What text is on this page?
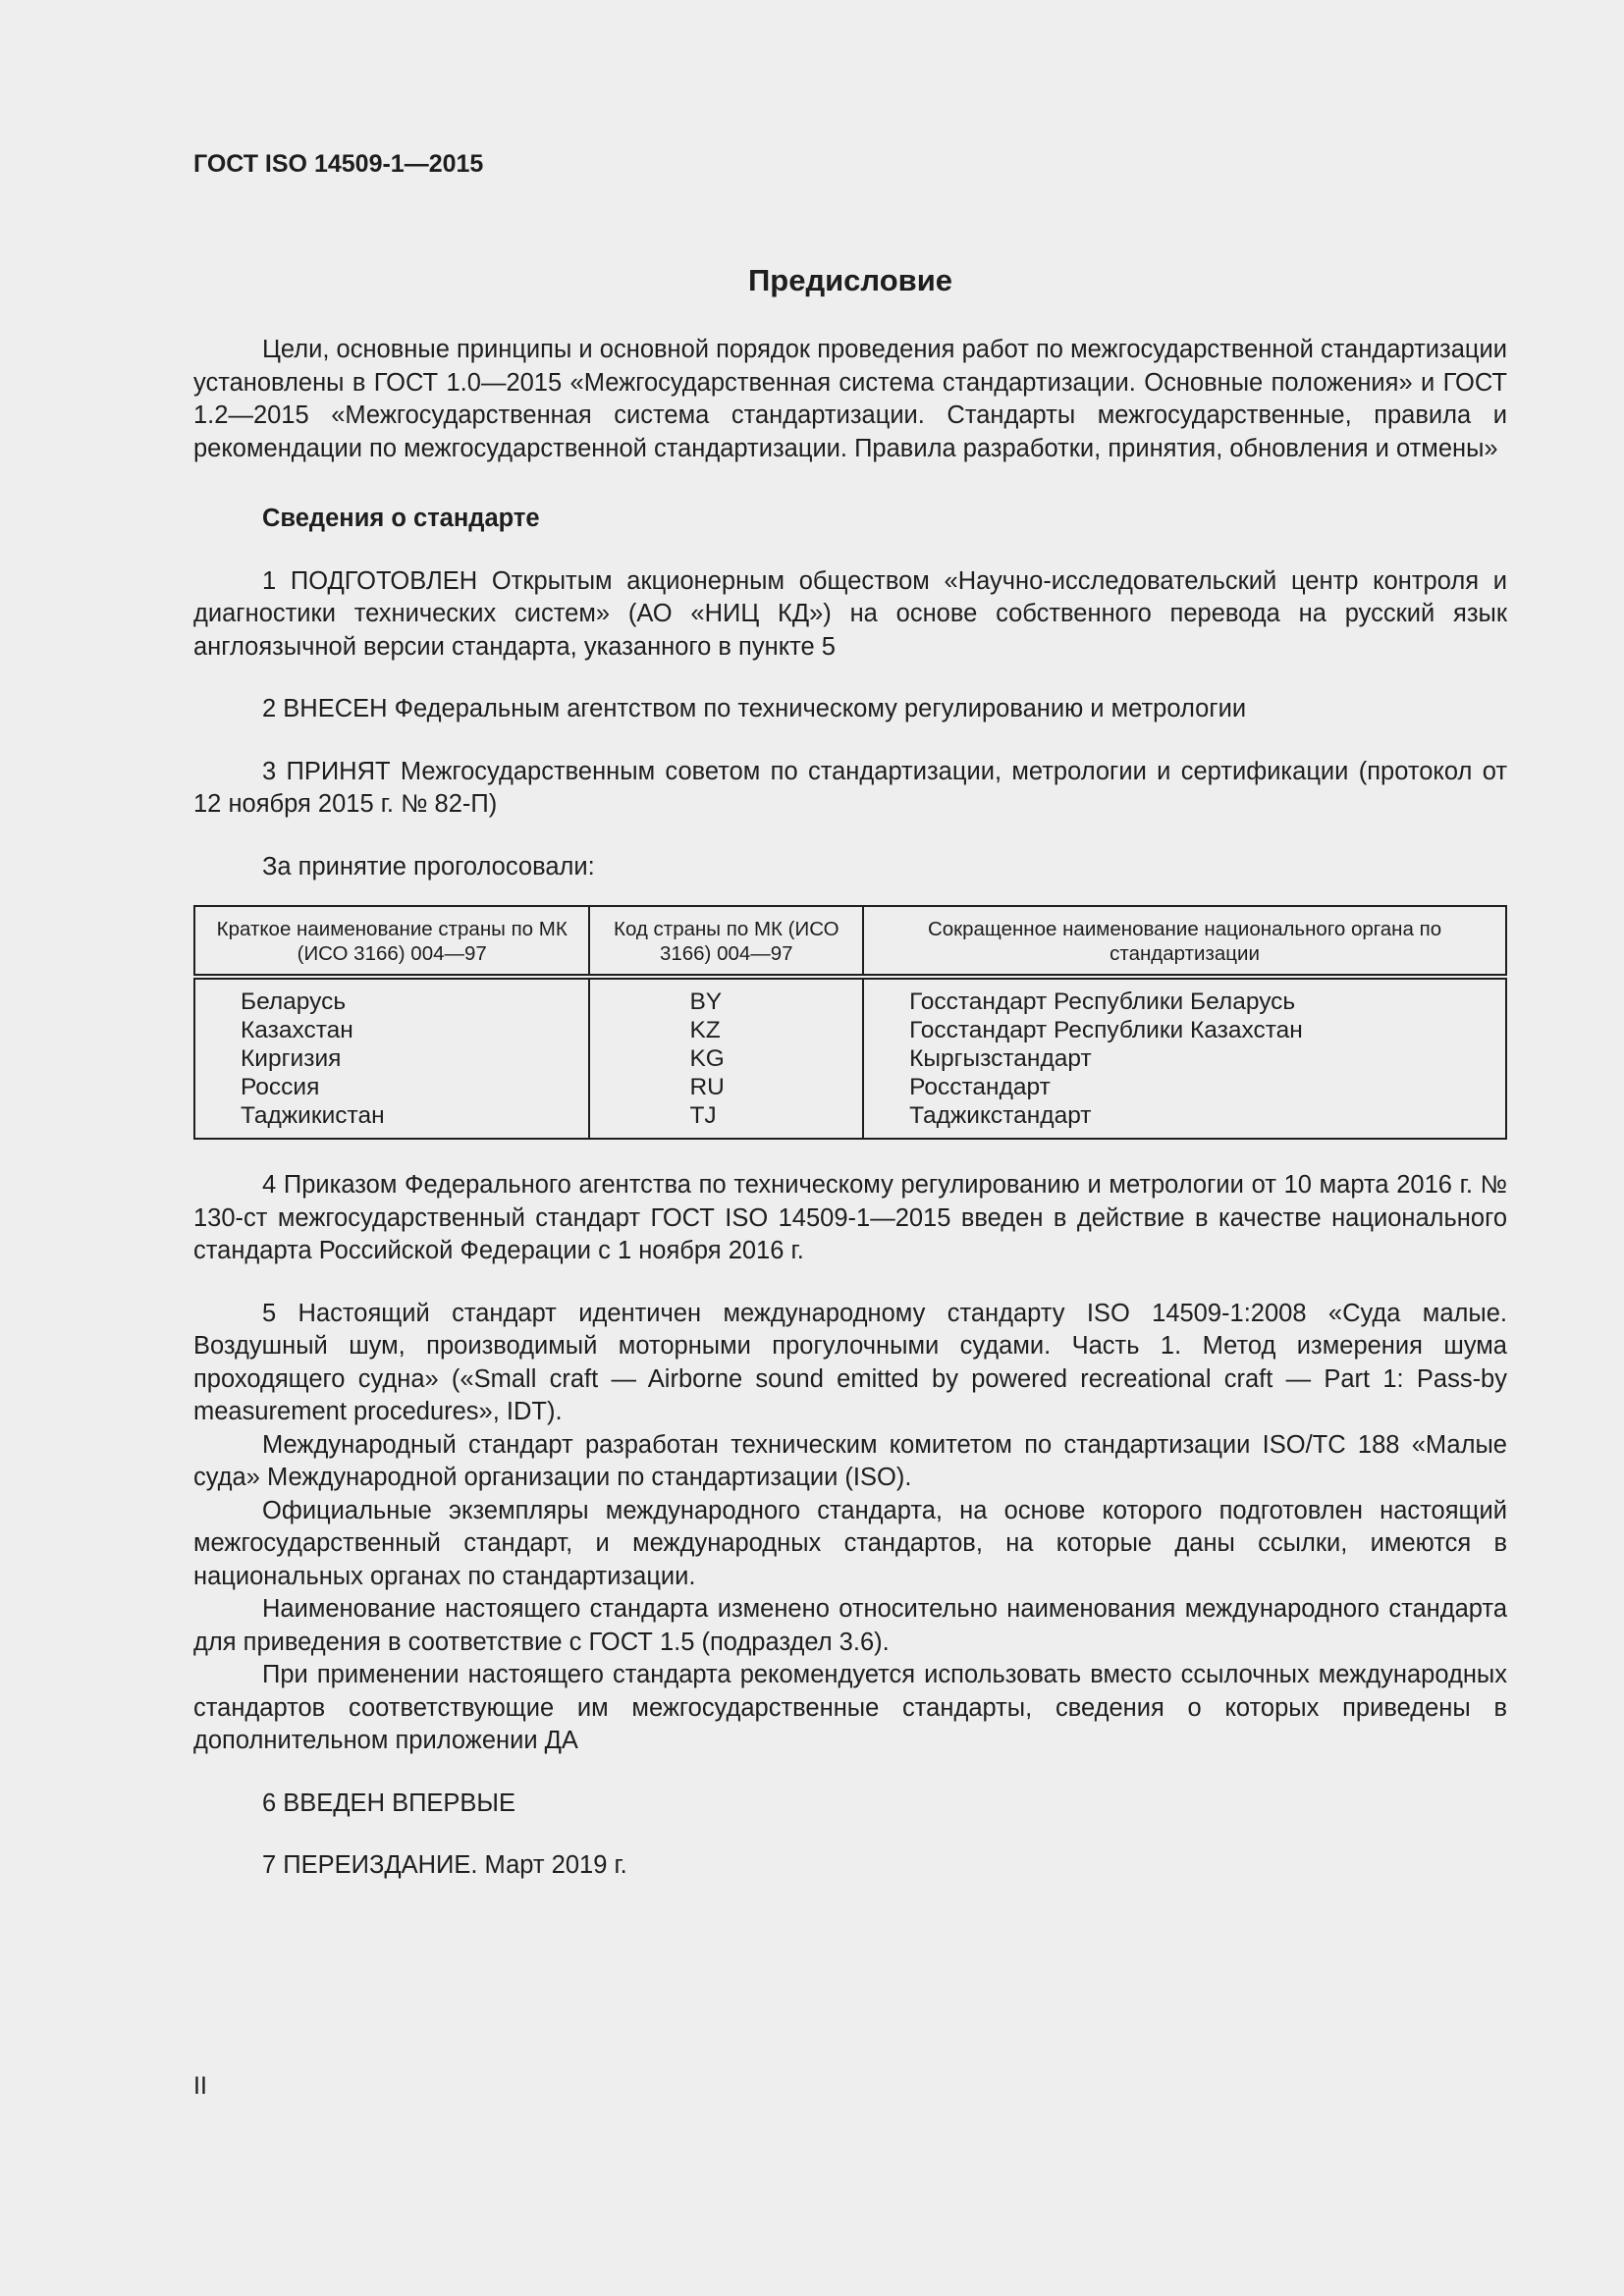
ГОСТ ISO 14509-1—2015
Предисловие

Цели, основные принципы и основной порядок проведения работ по межгосударственной стандартизации установлены в ГОСТ 1.0—2015 «Межгосударственная система стандартизации. Основные положения» и ГОСТ 1.2—2015 «Межгосударственная система стандартизации. Стандарты межгосударственные, правила и рекомендации по межгосударственной стандартизации. Правила разработки, принятия, обновления и отмены»

Сведения о стандарте

1 ПОДГОТОВЛЕН Открытым акционерным обществом «Научно-исследовательский центр контроля и диагностики технических систем» (АО «НИЦ КД») на основе собственного перевода на русский язык англоязычной версии стандарта, указанного в пункте 5

2 ВНЕСЕН Федеральным агентством по техническому регулированию и метрологии

3 ПРИНЯТ Межгосударственным советом по стандартизации, метрологии и сертификации (протокол от 12 ноября 2015 г. № 82-П)

За принятие проголосовали:

Краткое наименование страны по МК (ИСО 3166) 004—97	Код страны по МК (ИСО 3166) 004—97	Сокращенное наименование национального органа по стандартизации

Беларусь	BY	Госстандарт Республики Беларусь

Казахстан	KZ	Госстандарт Республики Казахстан

Киргизия	KG	Кыргызстандарт

Россия	RU	Росстандарт

Таджикистан	TJ	Таджикстандарт

4 Приказом Федерального агентства по техническому регулированию и метрологии от 10 марта 2016 г. № 130-ст межгосударственный стандарт ГОСТ ISO 14509-1—2015 введен в действие в качестве национального стандарта Российской Федерации с 1 ноября 2016 г.

5 Настоящий стандарт идентичен международному стандарту ISO 14509-1:2008 «Суда малые. Воздушный шум, производимый моторными прогулочными судами. Часть 1. Метод измерения шума проходящего судна» («Small craft — Airborne sound emitted by powered recreational craft — Part 1: Pass-by measurement procedures», IDT).

Международный стандарт разработан техническим комитетом по стандартизации ISO/TC 188 «Малые суда» Международной организации по стандартизации (ISO).

Официальные экземпляры международного стандарта, на основе которого подготовлен настоящий межгосударственный стандарт, и международных стандартов, на которые даны ссылки, имеются в национальных органах по стандартизации.

Наименование настоящего стандарта изменено относительно наименования международного стандарта для приведения в соответствие с ГОСТ 1.5 (подраздел 3.6).

При применении настоящего стандарта рекомендуется использовать вместо ссылочных международных стандартов соответствующие им межгосударственные стандарты, сведения о которых приведены в дополнительном приложении ДА

6 ВВЕДЕН ВПЕРВЫЕ

7 ПЕРЕИЗДАНИЕ. Март 2019 г.

II
